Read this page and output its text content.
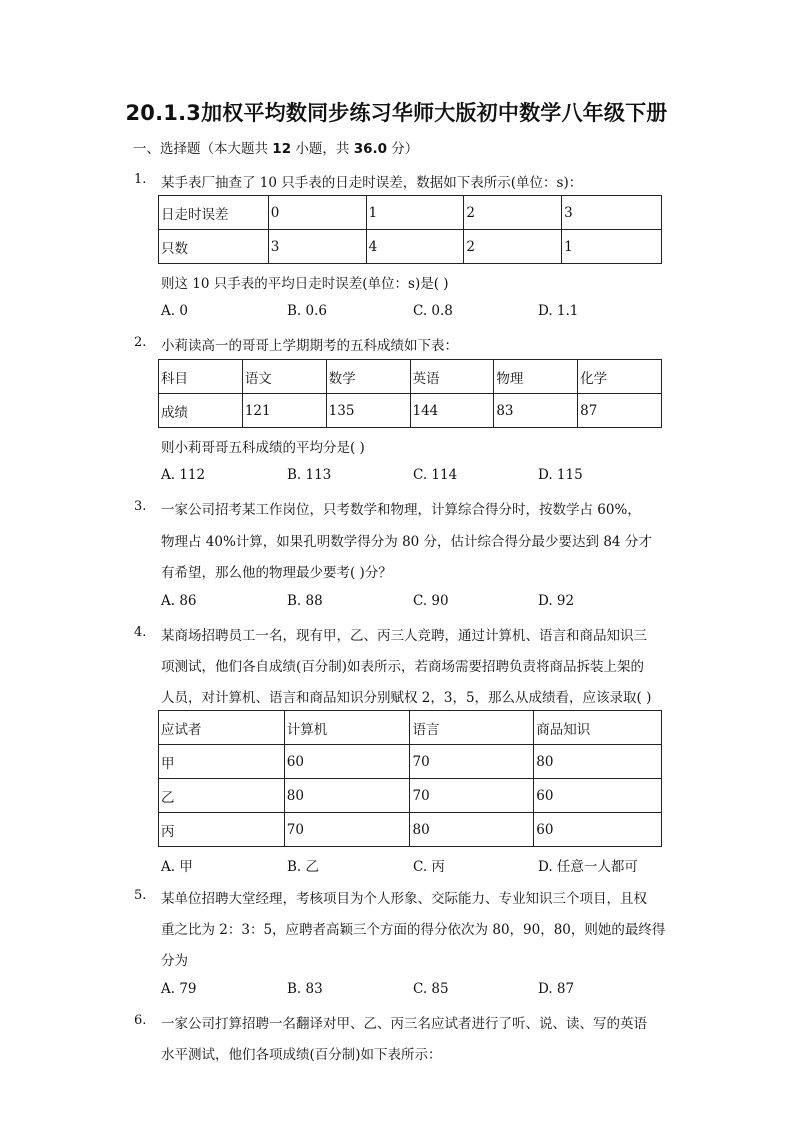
20.1.3加权平均数同步练习华师大版初中数学八年级下册
一、选择题（本大题共 12 小题，共 36.0 分）
1. 某手表厂抽查了 10 只手表的日走时误差，数据如下表所示(单位：s)：
日走时误差	0	1	2	3
只数	3	4	2	1
则这 10 只手表的平均日走时误差(单位：s)是( )
A. 0	B. 0.6	C. 0.8	D. 1.1
2. 小莉读高一的哥哥上学期期考的五科成绩如下表：
科目	语文	数学	英语	物理	化学
成绩	121	135	144	83	87
则小莉哥哥五科成绩的平均分是( )
A. 112	B. 113	C. 114	D. 115
3. 一家公司招考某工作岗位，只考数学和物理，计算综合得分时，按数学占 60%，
物理占 40%计算，如果孔明数学得分为 80 分，估计综合得分最少要达到 84 分才
有希望，那么他的物理最少要考( )分？
A. 86	B. 88	C. 90	D. 92
4. 某商场招聘员工一名，现有甲，乙、丙三人竞聘，通过计算机、语言和商品知识三
项测试，他们各自成绩(百分制)如表所示，若商场需要招聘负责将商品拆装上架的
人员，对计算机、语言和商品知识分别赋权 2，3，5，那么从成绩看，应该录取( )
应试者	计算机	语言	商品知识
甲	60	70	80
乙	80	70	60
丙	70	80	60
A. 甲	B. 乙	C. 丙	D. 任意一人都可
5. 某单位招聘大堂经理，考核项目为个人形象、交际能力、专业知识三个项目，且权
重之比为 2：3：5，应聘者高颖三个方面的得分依次为 80，90，80，则她的最终得
分为
A. 79	B. 83	C. 85	D. 87
6. 一家公司打算招聘一名翻译对甲、乙、丙三名应试者进行了听、说、读、写的英语
水平测试，他们各项成绩(百分制)如下表所示：
